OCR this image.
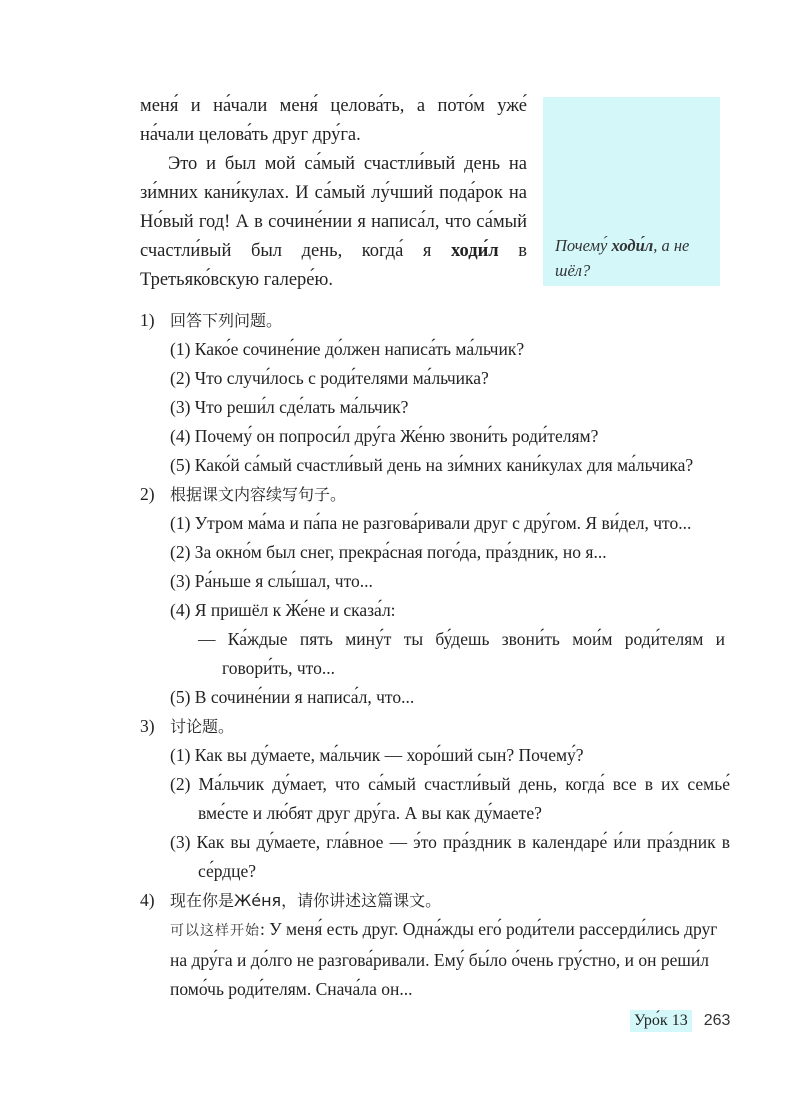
Почему́ ходи́л, а не шёл?

меня́ и на́чали меня́ целова́ть, а пото́м уже́ на́чали целова́ть друг дру́га.

Это и был мой са́мый счастли́вый день на зи́мних кани́кулах. И са́мый лу́чший пода́рок на Но́вый год! А в сочине́нии я написа́л, что са́мый счастли́вый был день, когда́ я ходи́л в Третьяко́вскую галере́ю.

1) 回答下列问题。
(1) Како́е сочине́ние до́лжен написа́ть ма́льчик?
(2) Что случи́лось с роди́телями ма́льчика?
(3) Что реши́л сде́лать ма́льчик?
(4) Почему́ он попроси́л дру́га Же́ню звони́ть роди́телям?
(5) Како́й са́мый счастли́вый день на зи́мних кани́кулах для ма́льчика?
2) 根据课文内容续写句子。
(1) Утром ма́ма и па́па не разгова́ривали друг с дру́гом. Я ви́дел, что...
(2) За окно́м был снег, прекра́сная пого́да, пра́здник, но я...
(3) Ра́ньше я слы́шал, что...
(4) Я пришёл к Же́не и сказа́л:
— Ка́ждые пять мину́т ты бу́дешь звони́ть мои́м роди́телям и говори́ть, что...
(5) В сочине́нии я написа́л, что...
3) 讨论题。
(1) Как вы ду́маете, ма́льчик — хоро́ший сын? Почему́?
(2) Ма́льчик ду́мает, что са́мый счастли́вый день, когда́ все в их семье́ вме́сте и лю́бят друг дру́га. А вы как ду́маете?
(3) Как вы ду́маете, гла́вное — э́то пра́здник в календаре́ и́ли пра́здник в се́рдце?
4) 现在你是Же́ня，请你讲述这篇课文。
可以这样开始: У меня́ есть друг. Одна́жды его́ роди́тели рассерди́лись друг на дру́га и до́лго не разгова́ривали. Ему́ бы́ло о́чень гру́стно, и он реши́л помо́чь роди́телям. Снача́ла он...
Уро́к 13 263
